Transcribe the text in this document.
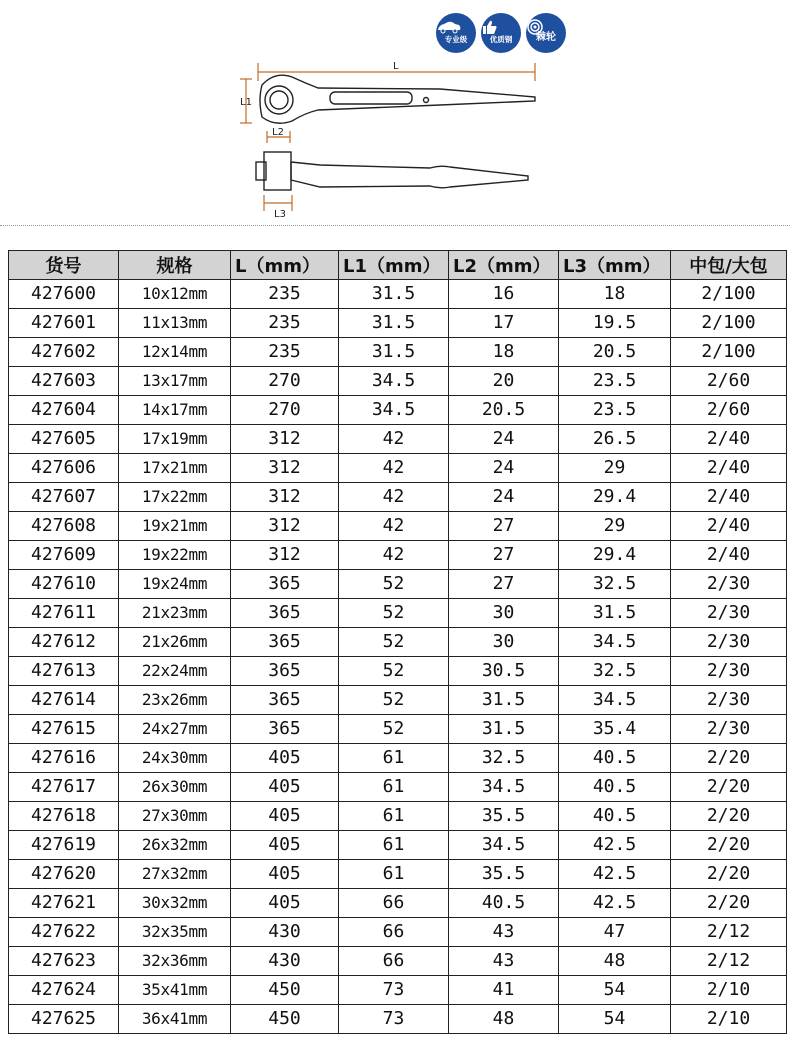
专业级	优质钢	棘轮
L
L1
L2
L3
货号	规格	L（mm）	L1（mm）	L2（mm）	L3（mm）	中包/大包
427600	10x12mm	235	31.5	16	18	2/100
427601	11x13mm	235	31.5	17	19.5	2/100
427602	12x14mm	235	31.5	18	20.5	2/100
427603	13x17mm	270	34.5	20	23.5	2/60
427604	14x17mm	270	34.5	20.5	23.5	2/60
427605	17x19mm	312	42	24	26.5	2/40
427606	17x21mm	312	42	24	29	2/40
427607	17x22mm	312	42	24	29.4	2/40
427608	19x21mm	312	42	27	29	2/40
427609	19x22mm	312	42	27	29.4	2/40
427610	19x24mm	365	52	27	32.5	2/30
427611	21x23mm	365	52	30	31.5	2/30
427612	21x26mm	365	52	30	34.5	2/30
427613	22x24mm	365	52	30.5	32.5	2/30
427614	23x26mm	365	52	31.5	34.5	2/30
427615	24x27mm	365	52	31.5	35.4	2/30
427616	24x30mm	405	61	32.5	40.5	2/20
427617	26x30mm	405	61	34.5	40.5	2/20
427618	27x30mm	405	61	35.5	40.5	2/20
427619	26x32mm	405	61	34.5	42.5	2/20
427620	27x32mm	405	61	35.5	42.5	2/20
427621	30x32mm	405	66	40.5	42.5	2/20
427622	32x35mm	430	66	43	47	2/12
427623	32x36mm	430	66	43	48	2/12
427624	35x41mm	450	73	41	54	2/10
427625	36x41mm	450	73	48	54	2/10
